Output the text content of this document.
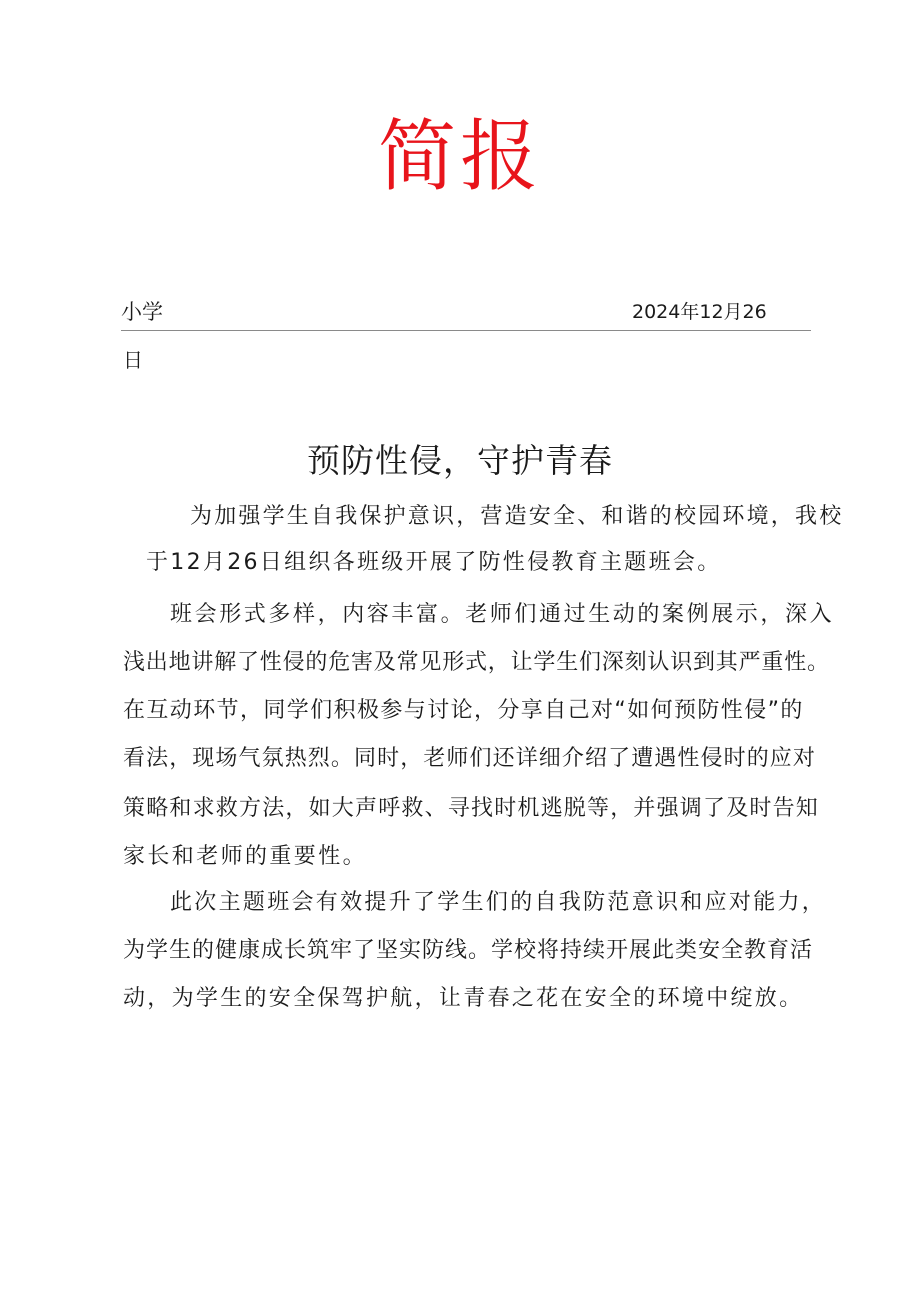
简报
小学	2024年12月26
日
预防性侵，守护青春
为加强学生自我保护意识，营造安全、和谐的校园环境，我校
于12月26日组织各班级开展了防性侵教育主题班会。
班会形式多样，内容丰富。老师们通过生动的案例展示，深入
浅出地讲解了性侵的危害及常见形式，让学生们深刻认识到其严重性。
在互动环节，同学们积极参与讨论，分享自己对“如何预防性侵”的
看法，现场气氛热烈。同时，老师们还详细介绍了遭遇性侵时的应对
策略和求救方法，如大声呼救、寻找时机逃脱等，并强调了及时告知
家长和老师的重要性。
此次主题班会有效提升了学生们的自我防范意识和应对能力，
为学生的健康成长筑牢了坚实防线。学校将持续开展此类安全教育活
动，为学生的安全保驾护航，让青春之花在安全的环境中绽放。
